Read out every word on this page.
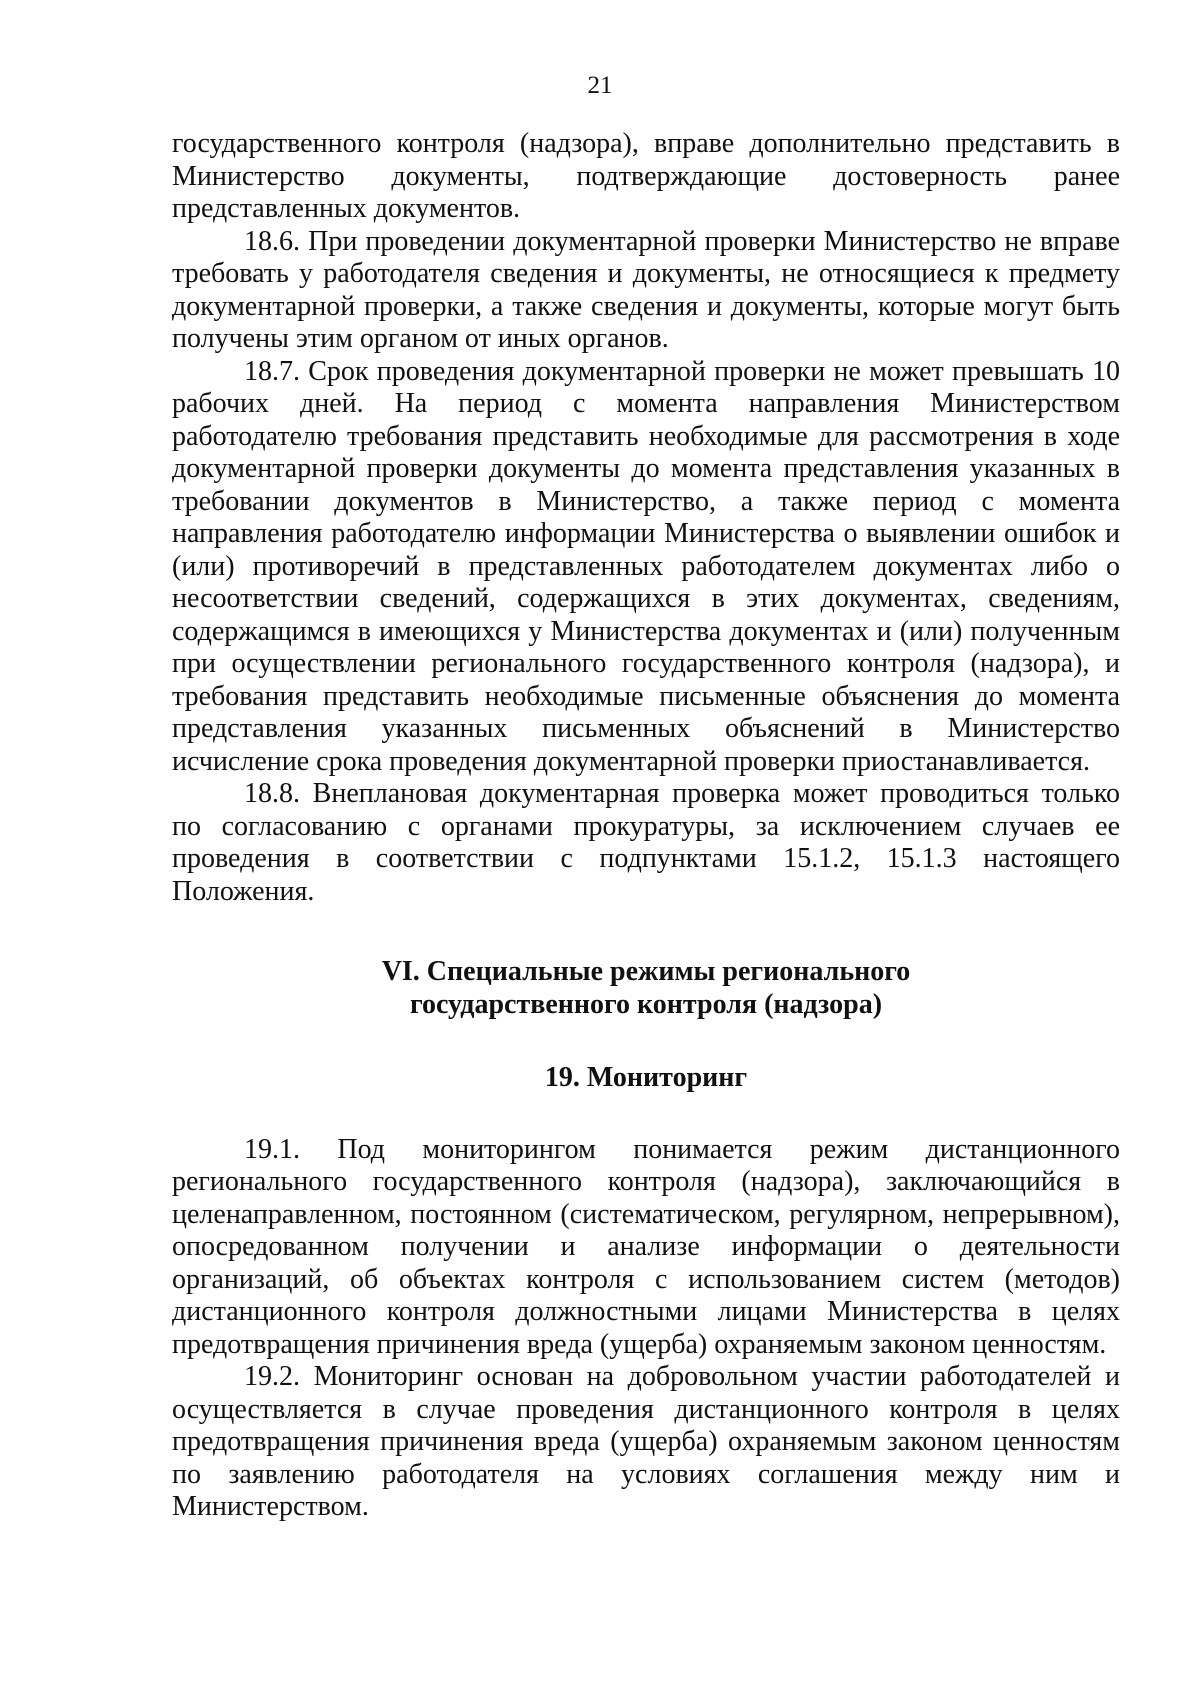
21

государственного контроля (надзора), вправе дополнительно представить в Министерство документы, подтверждающие достоверность ранее представленных документов.

18.6. При проведении документарной проверки Министерство не вправе требовать у работодателя сведения и документы, не относящиеся к предмету документарной проверки, а также сведения и документы, которые могут быть получены этим органом от иных органов.

18.7. Срок проведения документарной проверки не может превышать 10 рабочих дней. На период с момента направления Министерством работодателю требования представить необходимые для рассмотрения в ходе документарной проверки документы до момента представления указанных в требовании документов в Министерство, а также период с момента направления работодателю информации Министерства о выявлении ошибок и (или) противоречий в представленных работодателем документах либо о несоответствии сведений, содержащихся в этих документах, сведениям, содержащимся в имеющихся у Министерства документах и (или) полученным при осуществлении регионального государственного контроля (надзора), и требования представить необходимые письменные объяснения до момента представления указанных письменных объяснений в Министерство исчисление срока проведения документарной проверки приостанавливается.

18.8. Внеплановая документарная проверка может проводиться только по согласованию с органами прокуратуры, за исключением случаев ее проведения в соответствии с подпунктами 15.1.2, 15.1.3 настоящего Положения.

VI. Специальные режимы регионального

государственного контроля (надзора)

19. Мониторинг

19.1. Под мониторингом понимается режим дистанционного регионального государственного контроля (надзора), заключающийся в целенаправленном, постоянном (систематическом, регулярном, непрерывном), опосредованном получении и анализе информации о деятельности организаций, об объектах контроля с использованием систем (методов) дистанционного контроля должностными лицами Министерства в целях предотвращения причинения вреда (ущерба) охраняемым законом ценностям.

19.2. Мониторинг основан на добровольном участии работодателей и осуществляется в случае проведения дистанционного контроля в целях предотвращения причинения вреда (ущерба) охраняемым законом ценностям по заявлению работодателя на условиях соглашения между ним и Министерством.
